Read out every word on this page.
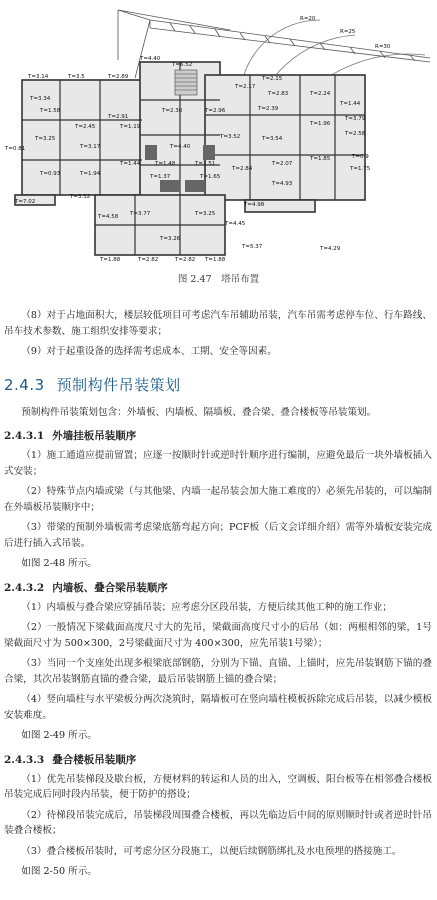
R=20
R=25
R=30
T=3.14	T=3.5	T=2.89
T=4.40
T=6.52
T=2.17
T=2.15
T=2.83
T=3.34
T=2.24
T=1.44
T=2.45
T=2.91
T=1.58
T=1.19
T=2.30	T=2.96	T=2.39
T=3.25
T=3.17	T=4.40
T=3.52	T=3.54
T=1.96
T=2.58
T=3.79
T=1.85
T=1.44	T=1.48	T=1.51
T=1.37	T=1.65
T=2.84
T=2.07
T=4.93
T=1.94
T=3.32
T=3.77	T=3.25
T=3.26
T=4.58
T=4.98
T=1.75
T=0.9
T=0.81
T=0.93
T=7.02
T=5.37	T=4.29
T=4.45
T=1.88	T=2.82	T=2.82 T=1.88
图 2.47　塔吊布置

（8）对于占地面积大，楼层较低项目可考虑汽车吊辅助吊装，汽车吊需考虑停车位、行车路线、吊车技术参数、施工组织安排等要求；

（9）对于起重设备的选择需考虑成本、工期、安全等因素。

2.4.3 预制构件吊装策划

预制构件吊装策划包含：外墙板、内墙板、隔墙板、叠合梁、叠合楼板等吊装策划。

2.4.3.1 外墙挂板吊装顺序

（1）施工通道应提前留置；应逐一按顺时针或逆时针顺序进行编制，应避免最后一块外墙板插入式安装；

（2）特殊节点内墙或梁（与其他梁、内墙一起吊装会加大施工难度的）必须先吊装的，可以编制在外墙板吊装顺序中；

（3）带梁的预制外墙板需考虑梁底筋弯起方向；PCF板（后文会详细介绍）需等外墙板安装完成后进行插入式吊装。

如图 2-48 所示。

2.4.3.2 内墙板、叠合梁吊装顺序

（1）内墙板与叠合梁应穿插吊装；应考虑分区段吊装，方便后续其他工种的施工作业；

（2）一般情况下梁截面高度尺寸大的先吊，梁截面高度尺寸小的后吊（如：两根相邻的梁，1号梁截面尺寸为 500×300，2号梁截面尺寸为 400×300，应先吊装1号梁）；

（3）当同一个支座处出现多根梁底部钢筋，分别为下锚、直锚、上锚时，应先吊装钢筋下锚的叠合梁，其次吊装钢筋直锚的叠合梁，最后吊装钢筋上锚的叠合梁；

（4）竖向墙柱与水平梁板分两次浇筑时，隔墙板可在竖向墙柱模板拆除完成后吊装，以减少模板安装难度。

如图 2-49 所示。

2.4.3.3 叠合楼板吊装顺序

（1）优先吊装梯段及歇台板，方便材料的转运和人员的出入，空调板、阳台板等在相邻叠合楼板吊装完成后同时段内吊装，便于防护的搭设；

（2）待梯段吊装完成后，吊装梯段周围叠合楼板，再以先临边后中间的原则顺时针或者逆时针吊装叠合楼板；

（3）叠合楼板吊装时，可考虑分区分段施工，以便后续钢筋绑扎及水电预埋的搭接施工。

如图 2-50 所示。
